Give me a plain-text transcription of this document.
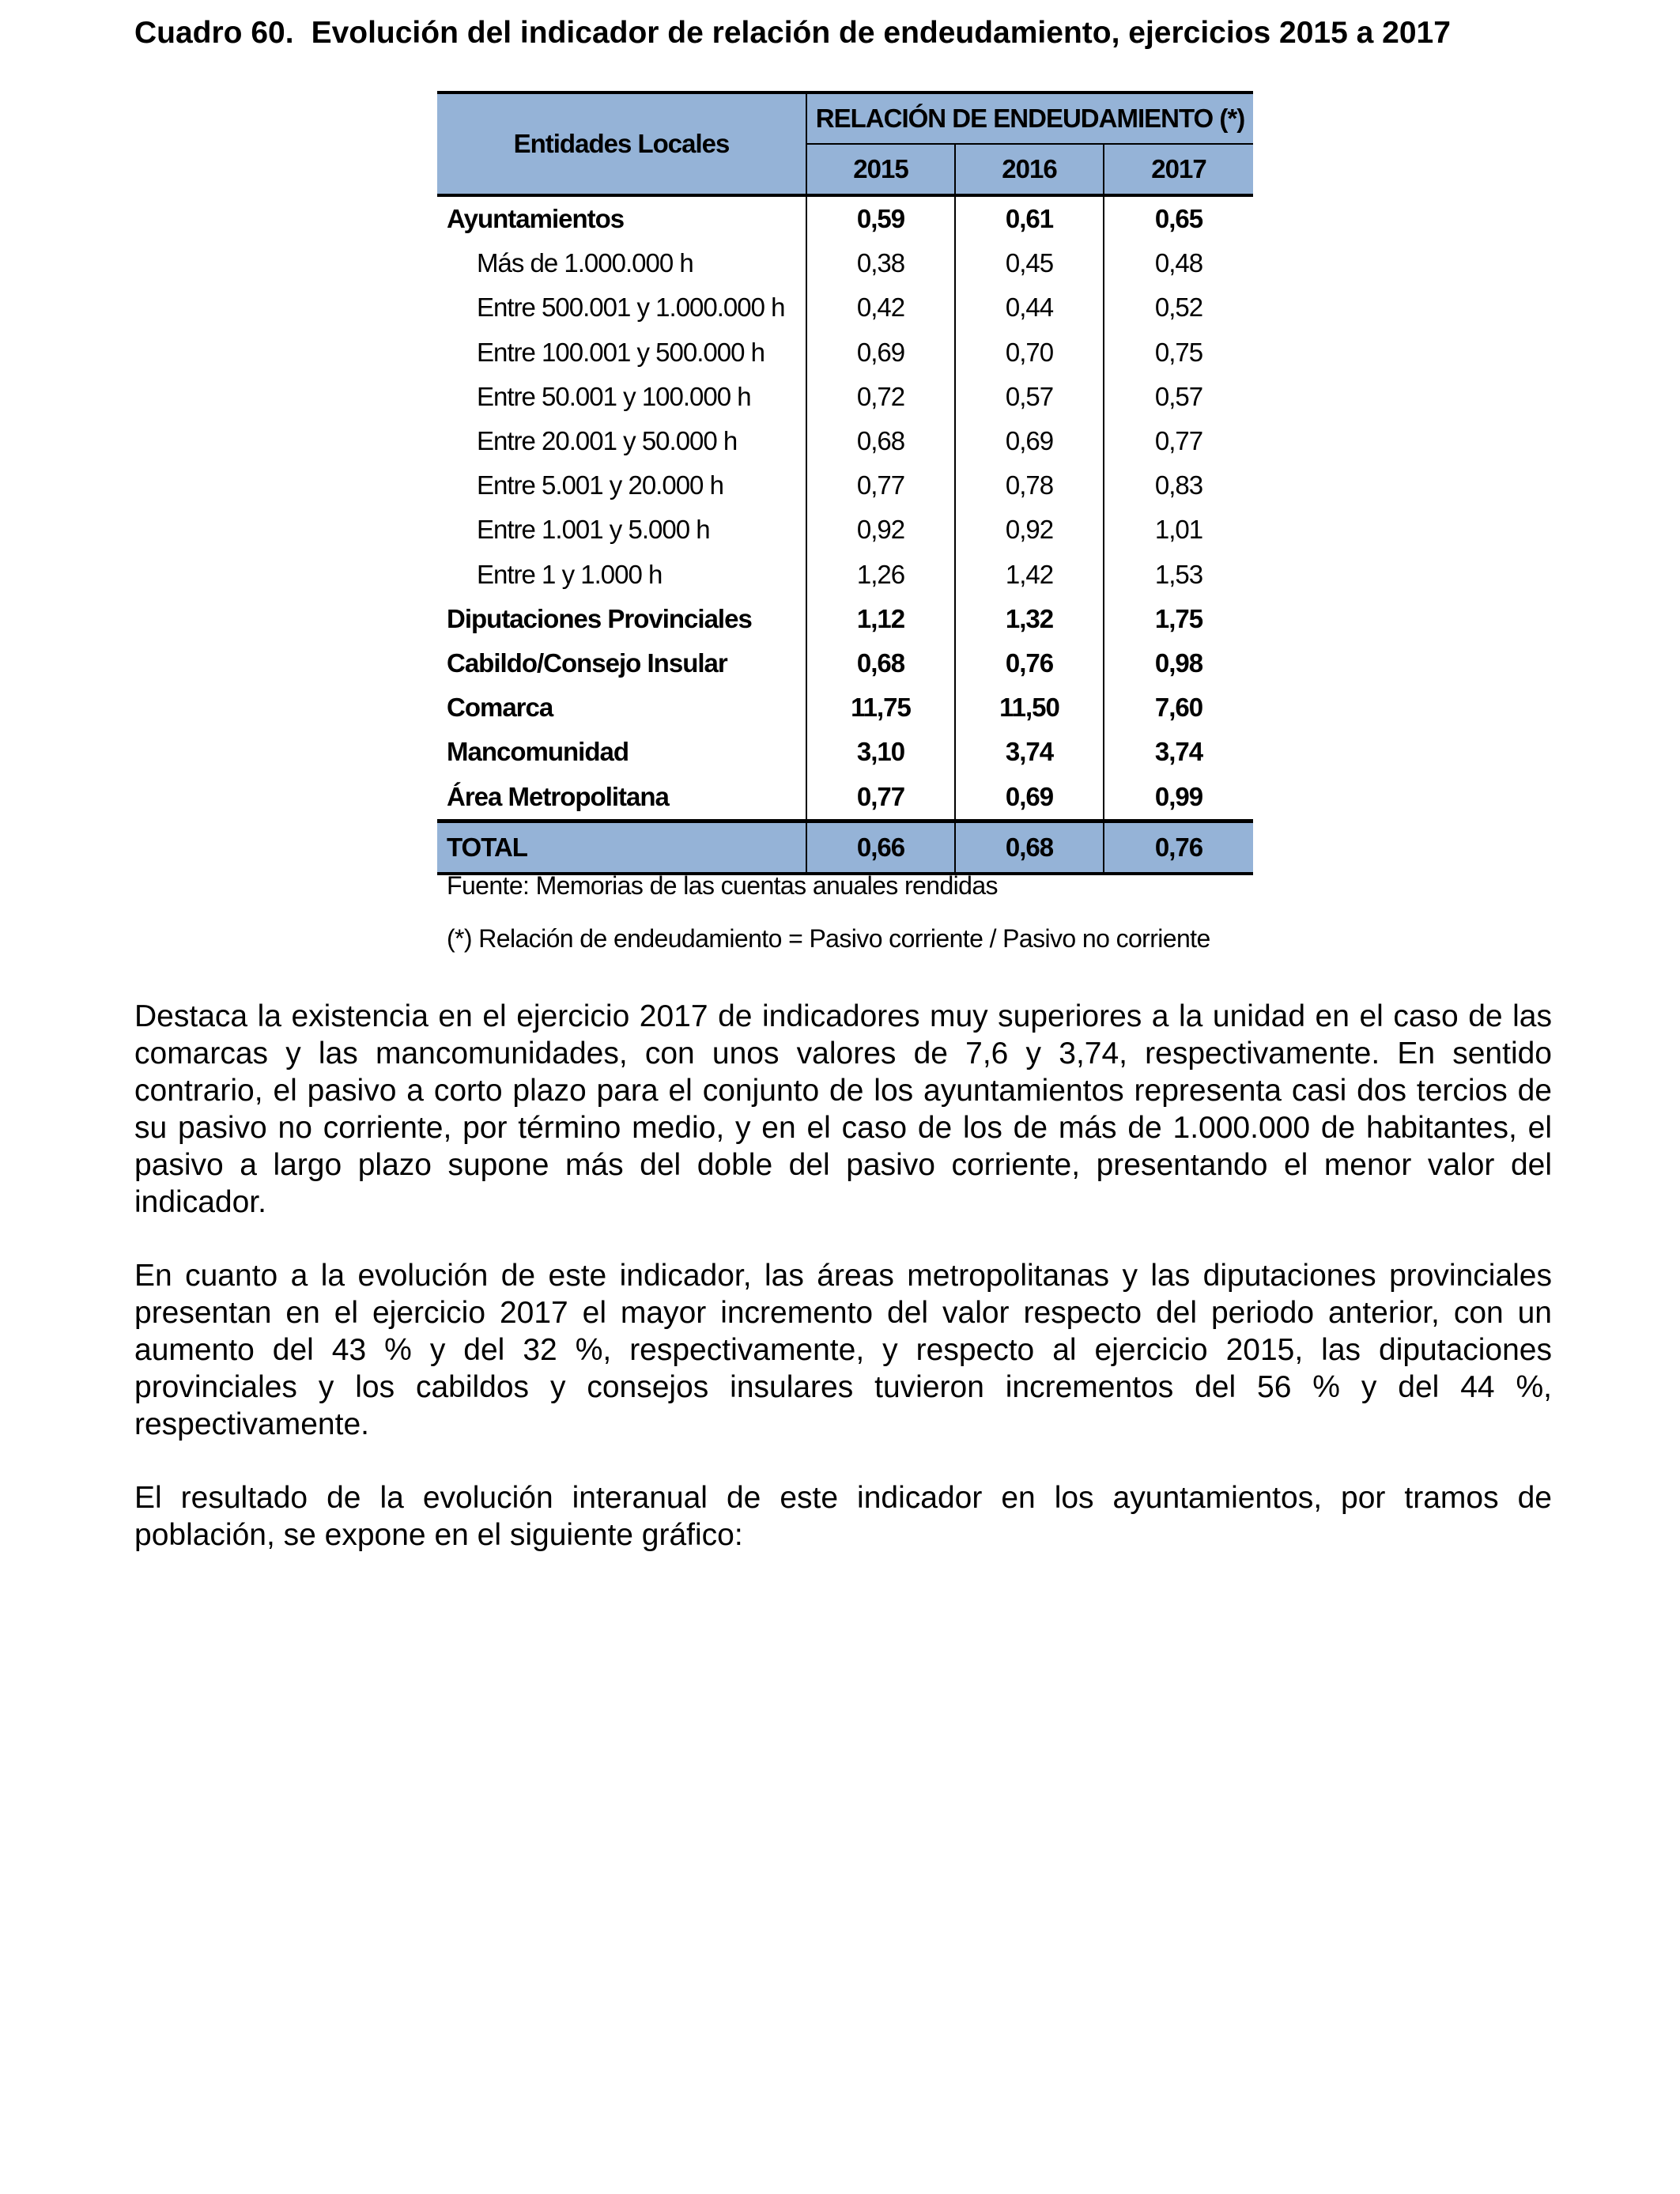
Cuadro 60. Evolución del indicador de relación de endeudamiento, ejercicios 2015 a 2017
Entidades Locales	RELACIÓN DE ENDEUDAMIENTO (*)		
	2015	2016	2017
Ayuntamientos	0,59	0,61	0,65
Más de 1.000.000 h	0,38	0,45	0,48
Entre 500.001 y 1.000.000 h	0,42	0,44	0,52
Entre 100.001 y 500.000 h	0,69	0,70	0,75
Entre 50.001 y 100.000 h	0,72	0,57	0,57
Entre 20.001 y 50.000 h	0,68	0,69	0,77
Entre 5.001 y 20.000 h	0,77	0,78	0,83
Entre 1.001 y 5.000 h	0,92	0,92	1,01
Entre 1 y 1.000 h	1,26	1,42	1,53
Diputaciones Provinciales	1,12	1,32	1,75
Cabildo/Consejo Insular	0,68	0,76	0,98
Comarca	11,75	11,50	7,60
Mancomunidad	3,10	3,74	3,74
Área Metropolitana	0,77	0,69	0,99
TOTAL	0,66	0,68	0,76
Fuente: Memorias de las cuentas anuales rendidas
(*) Relación de endeudamiento = Pasivo corriente / Pasivo no corriente

Destaca la existencia en el ejercicio 2017 de indicadores muy superiores a la unidad en el caso de las comarcas y las mancomunidades, con unos valores de 7,6 y 3,74, respectivamente. En sentido contrario, el pasivo a corto plazo para el conjunto de los ayuntamientos representa casi dos tercios de su pasivo no corriente, por término medio, y en el caso de los de más de 1.000.000 de habitantes, el pasivo a largo plazo supone más del doble del pasivo corriente, presentando el menor valor del indicador.

En cuanto a la evolución de este indicador, las áreas metropolitanas y las diputaciones provinciales presentan en el ejercicio 2017 el mayor incremento del valor respecto del periodo anterior, con un aumento del 43 % y del 32 %, respectivamente, y respecto al ejercicio 2015, las diputaciones provinciales y los cabildos y consejos insulares tuvieron incrementos del 56 % y del 44 %, respectivamente.

El resultado de la evolución interanual de este indicador en los ayuntamientos, por tramos de población, se expone en el siguiente gráfico:
